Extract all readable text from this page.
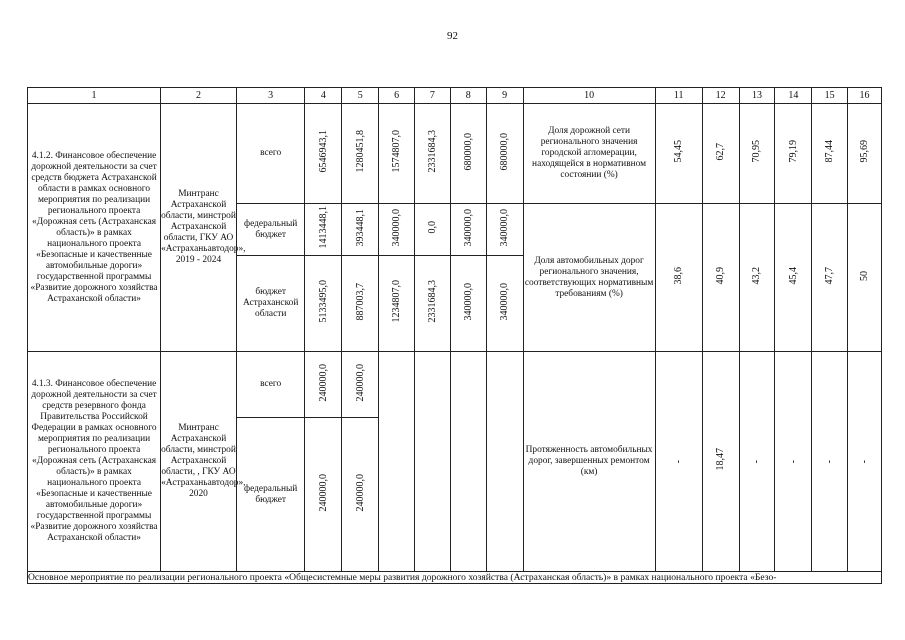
92
1	2	3	4	5	6	7	8	9	10	11	12	13	14	15	16
4.1.2. Финансовое обеспечение дорожной деятельности за счет средств бюджета Астраханской области в рамках основного мероприятия по реализации регионального проекта «Дорожная сеть (Астраханская область)» в рамках национального проекта «Безопасные и качественные автомобильные дороги» государственной программы «Развитие дорожного хозяйства Астраханской области»	Минтранс Астраханской области, минстрой Астраханской области, ГКУ АО «Астраханьавтодор», 2019 - 2024	всего	6546943,1	1280451,8	1574807,0	2331684,3	680000,0	680000,0	Доля дорожной сети регионального значения городской агломерации, находящейся в нормативном состоянии (%)	54,45	62,7	70,95	79,19	87,44	95,69
		федеральный бюджет	1413448,1	393448,1	340000,0	0,0	340000,0	340000,0	Доля автомобильных дорог регионального значения, соответствующих нормативным требованиям (%)	38,6	40,9	43,2	45,4	47,7	50
		бюджет Астраханской области	5133495,0	887003,7	1234807,0	2331684,3	340000,0	340000,0							
4.1.3. Финансовое обеспечение дорожной деятельности за счет средств резервного фонда Правительства Российской Федерации в рамках основного мероприятия по реализации регионального проекта «Дорожная сеть (Астраханская область)» в рамках национального проекта «Безопасные и качественные автомобильные дороги» государственной программы «Развитие дорожного хозяйства Астраханской области»	Минтранс Астраханской области, минстрой Астраханской области, , ГКУ АО «Астраханьавтодор», 2020	всего	240000,0	240000,0					Протяженность автомобильных дорог, завершенных ремонтом (км)	-	18,47	-	-	-	-
		федеральный бюджет	240000,0	240000,0											
Основное мероприятие по реализации регионального проекта «Общесистемные меры развития дорожного хозяйства (Астраханская область)» в рамках национального проекта «Безо-															
